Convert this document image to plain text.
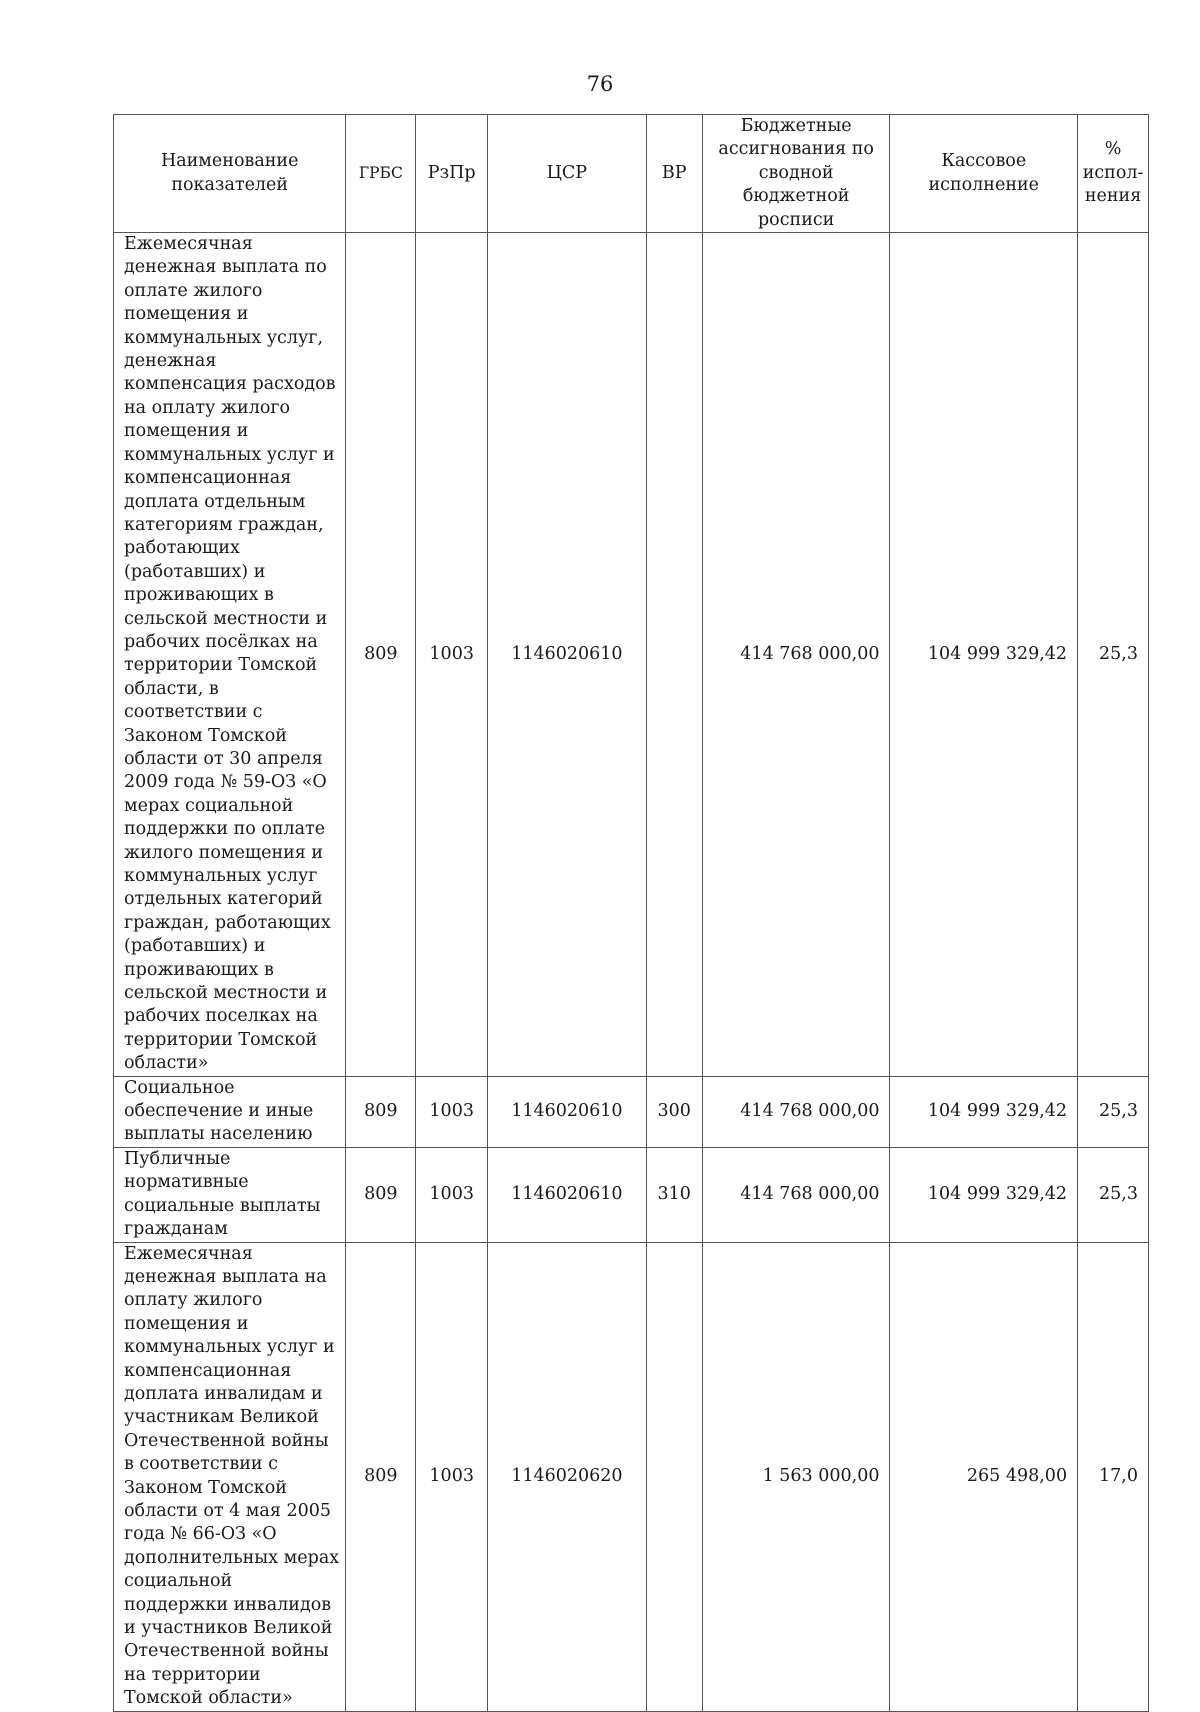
76
Наименование показателей	ГРБС	РзПр	ЦСР	ВР	Бюджетные ассигнования по сводной бюджетной росписи	Кассовое исполнение	% испол-нения
Ежемесячная денежная выплата по оплате жилого помещения и коммунальных услуг, денежная компенсация расходов на оплату жилого помещения и коммунальных услуг и компенсационная доплата отдельным категориям граждан, работающих (работавших) и проживающих в сельской местности и рабочих посёлках на территории Томской области, в соответствии с Законом Томской области от 30 апреля 2009 года № 59-ОЗ «О мерах социальной поддержки по оплате жилого помещения и коммунальных услуг отдельных категорий граждан, работающих (работавших) и проживающих в сельской местности и рабочих поселках на территории Томской области»	809	1003	1146020610		414 768 000,00	104 999 329,42	25,3
Социальное обеспечение и иные выплаты населению	809	1003	1146020610	300	414 768 000,00	104 999 329,42	25,3
Публичные нормативные социальные выплаты гражданам	809	1003	1146020610	310	414 768 000,00	104 999 329,42	25,3
Ежемесячная денежная выплата на оплату жилого помещения и коммунальных услуг и компенсационная доплата инвалидам и участникам Великой Отечественной войны в соответствии с Законом Томской области от 4 мая 2005 года № 66-ОЗ «О дополнительных мерах социальной поддержки инвалидов и участников Великой Отечественной войны на территории Томской области»	809	1003	1146020620		1 563 000,00	265 498,00	17,0
